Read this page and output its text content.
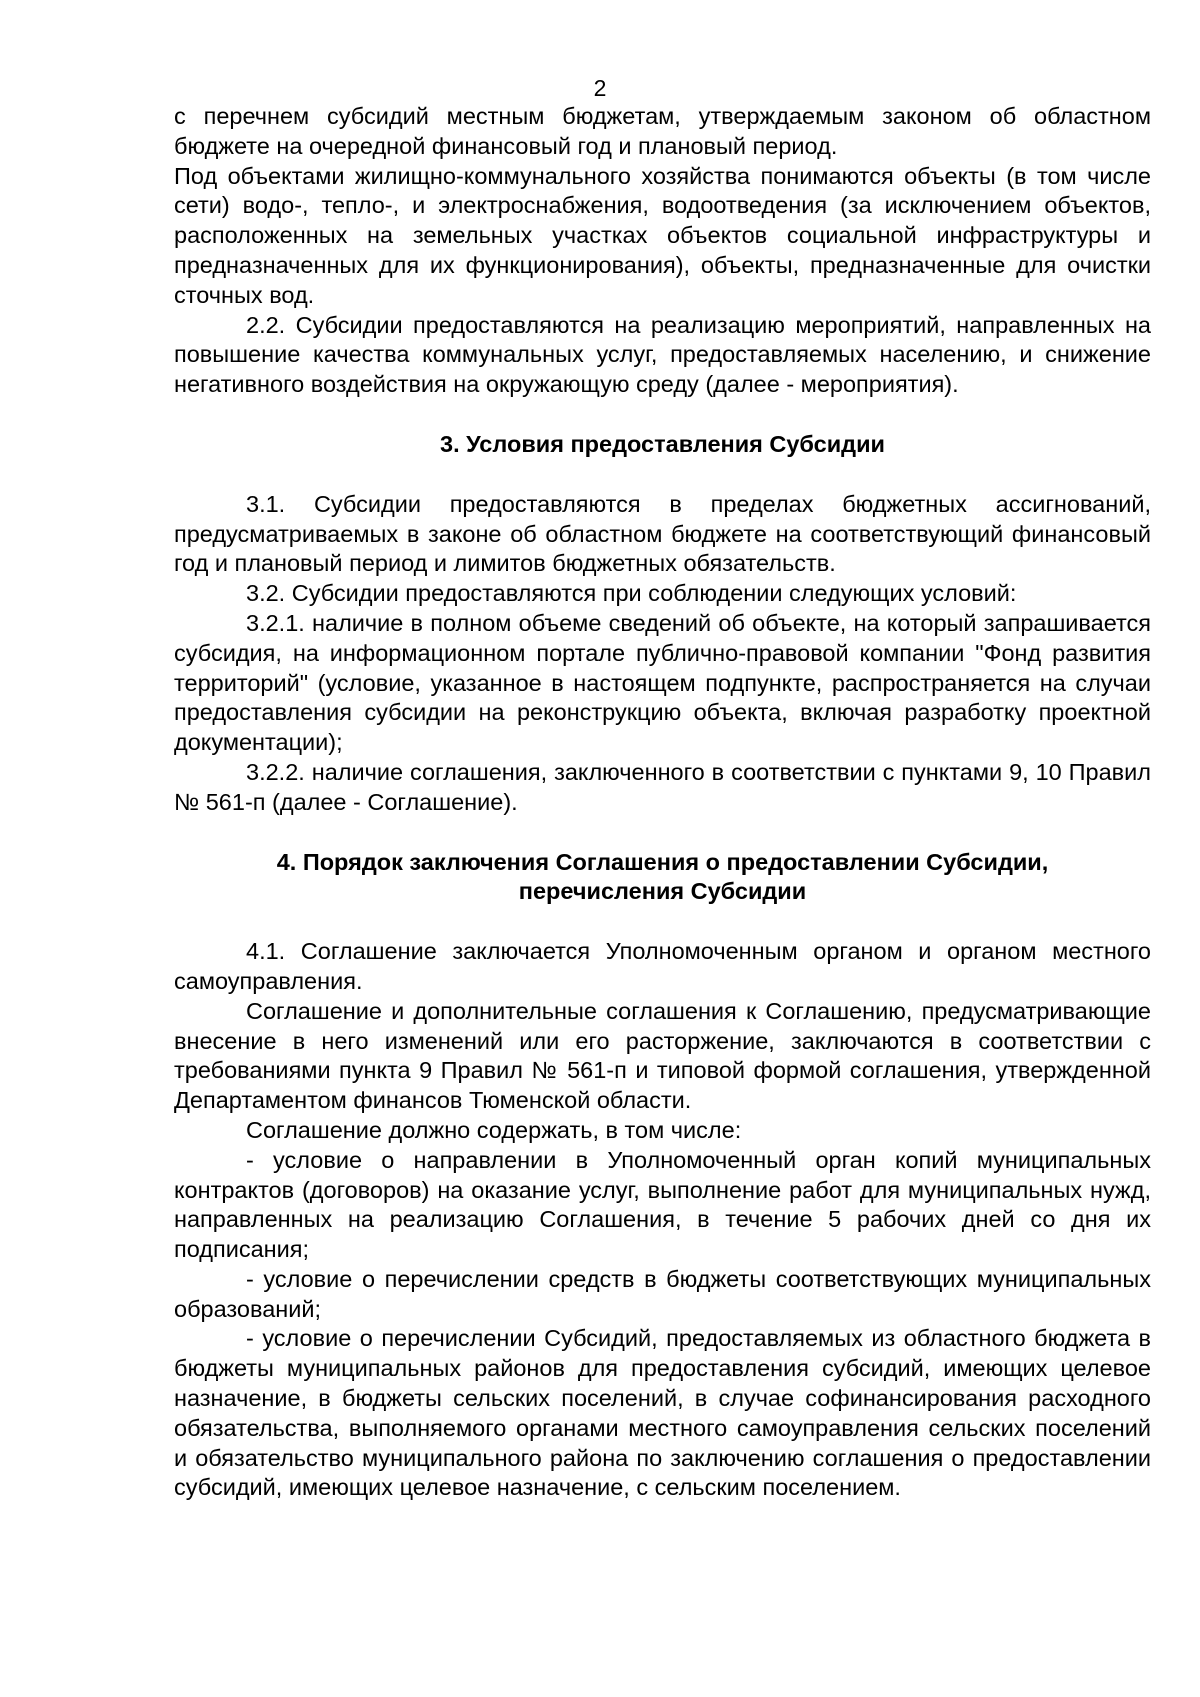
2

с перечнем субсидий местным бюджетам, утверждаемым законом об областном бюджете на очередной финансовый год и плановый период.

Под объектами жилищно-коммунального хозяйства понимаются объекты (в том числе сети) водо-, тепло-, и электроснабжения, водоотведения (за исключением объектов, расположенных на земельных участках объектов социальной инфраструктуры и предназначенных для их функционирования), объекты, предназначенные для очистки сточных вод.

2.2. Субсидии предоставляются на реализацию мероприятий, направленных на повышение качества коммунальных услуг, предоставляемых населению, и снижение негативного воздействия на окружающую среду (далее - мероприятия).

3. Условия предоставления Субсидии

3.1. Субсидии предоставляются в пределах бюджетных ассигнований, предусматриваемых в законе об областном бюджете на соответствующий финансовый год и плановый период и лимитов бюджетных обязательств.

3.2. Субсидии предоставляются при соблюдении следующих условий:

3.2.1. наличие в полном объеме сведений об объекте, на который запрашивается субсидия, на информационном портале публично-правовой компании "Фонд развития территорий" (условие, указанное в настоящем подпункте, распространяется на случаи предоставления субсидии на реконструкцию объекта, включая разработку проектной документации);

3.2.2. наличие соглашения, заключенного в соответствии с пунктами 9, 10 Правил № 561-п (далее - Соглашение).

4. Порядок заключения Соглашения о предоставлении Субсидии,
перечисления Субсидии

4.1. Соглашение заключается Уполномоченным органом и органом местного самоуправления.

Соглашение и дополнительные соглашения к Соглашению, предусматривающие внесение в него изменений или его расторжение, заключаются в соответствии с требованиями пункта 9 Правил № 561-п и типовой формой соглашения, утвержденной Департаментом финансов Тюменской области.

Соглашение должно содержать, в том числе:

- условие о направлении в Уполномоченный орган копий муниципальных контрактов (договоров) на оказание услуг, выполнение работ для муниципальных нужд, направленных на реализацию Соглашения, в течение 5 рабочих дней со дня их подписания;

- условие о перечислении средств в бюджеты соответствующих муниципальных образований;

- условие о перечислении Субсидий, предоставляемых из областного бюджета в бюджеты муниципальных районов для предоставления субсидий, имеющих целевое назначение, в бюджеты сельских поселений, в случае софинансирования расходного обязательства, выполняемого органами местного самоуправления сельских поселений и обязательство муниципального района по заключению соглашения о предоставлении субсидий, имеющих целевое назначение, с сельским поселением.
